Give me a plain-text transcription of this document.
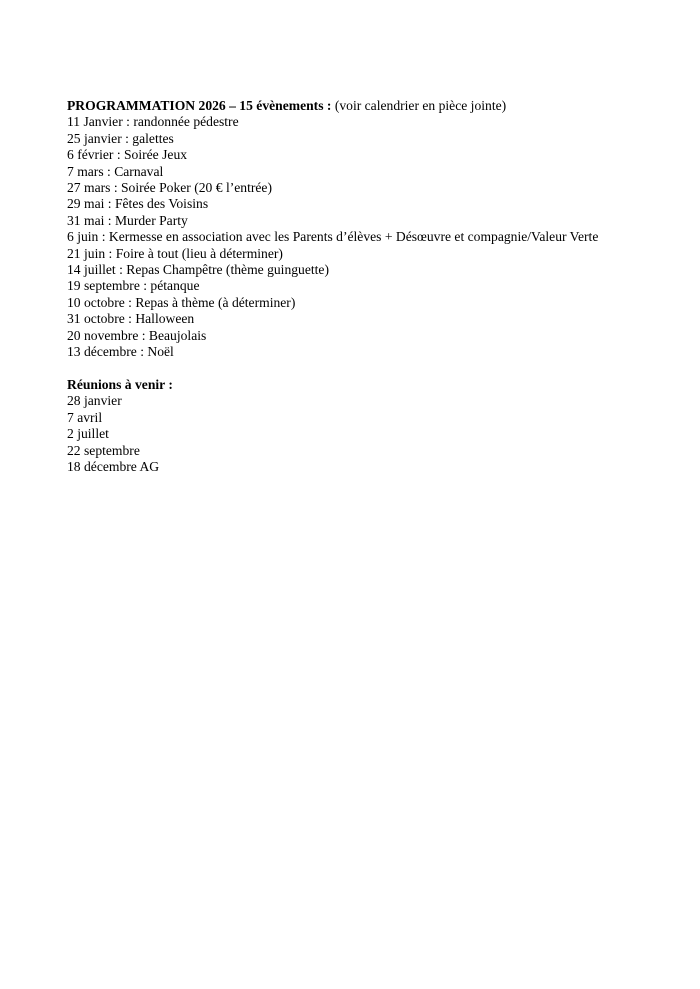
PROGRAMMATION 2026 – 15 évènements : (voir calendrier en pièce jointe)
11 Janvier : randonnée pédestre
25 janvier : galettes
6 février : Soirée Jeux
7 mars : Carnaval
27 mars : Soirée Poker (20 € l’entrée)
29 mai : Fêtes des Voisins
31 mai : Murder Party
6 juin : Kermesse en association avec les Parents d’élèves + Désœuvre et compagnie/Valeur Verte
21 juin : Foire à tout (lieu à déterminer)
14 juillet : Repas Champêtre (thème guinguette)
19 septembre : pétanque
10 octobre : Repas à thème (à déterminer)
31 octobre : Halloween
20 novembre : Beaujolais
13 décembre : Noël
Réunions à venir :
28 janvier
7 avril
2 juillet
22 septembre
18 décembre AG
